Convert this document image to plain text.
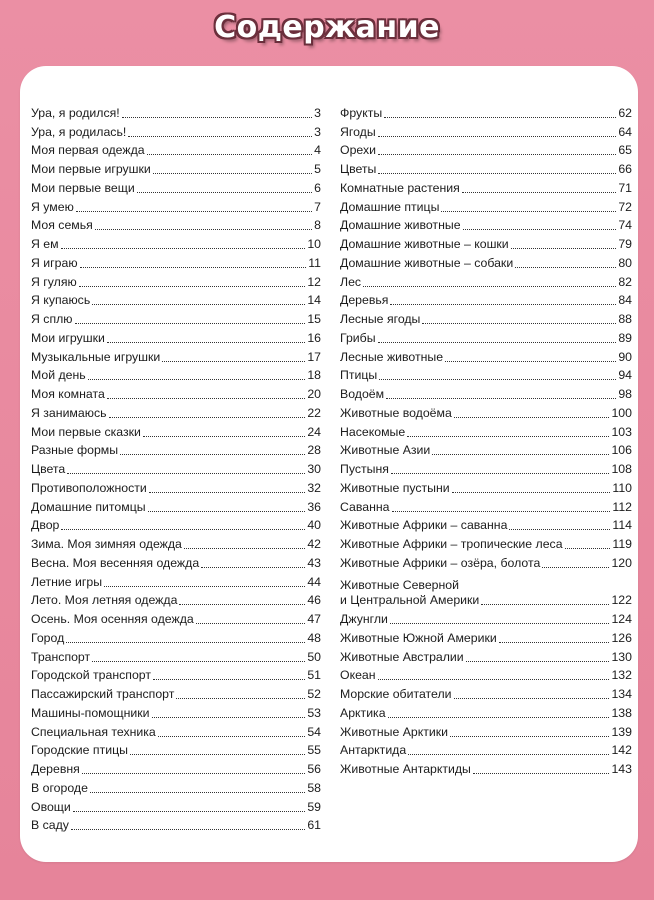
Содержание
Ура, я родился!	3
Ура, я родилась!	3
Моя первая одежда	4
Мои первые игрушки	5
Мои первые вещи	6
Я умею	7
Моя семья	8
Я ем	10
Я играю	11
Я гуляю	12
Я купаюсь	14
Я сплю	15
Мои игрушки	16
Музыкальные игрушки	17
Мой день	18
Моя комната	20
Я занимаюсь	22
Мои первые сказки	24
Разные формы	28
Цвета	30
Противоположности	32
Домашние питомцы	36
Двор	40
Зима. Моя зимняя одежда	42
Весна. Моя весенняя одежда	43
Летние игры	44
Лето. Моя летняя одежда	46
Осень. Моя осенняя одежда	47
Город	48
Транспорт	50
Городской транспорт	51
Пассажирский транспорт	52
Машины-помощники	53
Специальная техника	54
Городские птицы	55
Деревня	56
В огороде	58
Овощи	59
В саду	61
Фрукты	62
Ягоды	64
Орехи	65
Цветы	66
Комнатные растения	71
Домашние птицы	72
Домашние животные	74
Домашние животные – кошки	79
Домашние животные – собаки	80
Лес	82
Деревья	84
Лесные ягоды	88
Грибы	89
Лесные животные	90
Птицы	94
Водоём	98
Животные водоёма	100
Насекомые	103
Животные Азии	106
Пустыня	108
Животные пустыни	110
Саванна	112
Животные Африки – саванна	114
Животные Африки – тропические леса	119
Животные Африки – озёра, болота	120
Животные Северной
и Центральной Америки	122
Джунгли	124
Животные Южной Америки	126
Животные Австралии	130
Океан	132
Морские обитатели	134
Арктика	138
Животные Арктики	139
Антарктида	142
Животные Антарктиды	143
